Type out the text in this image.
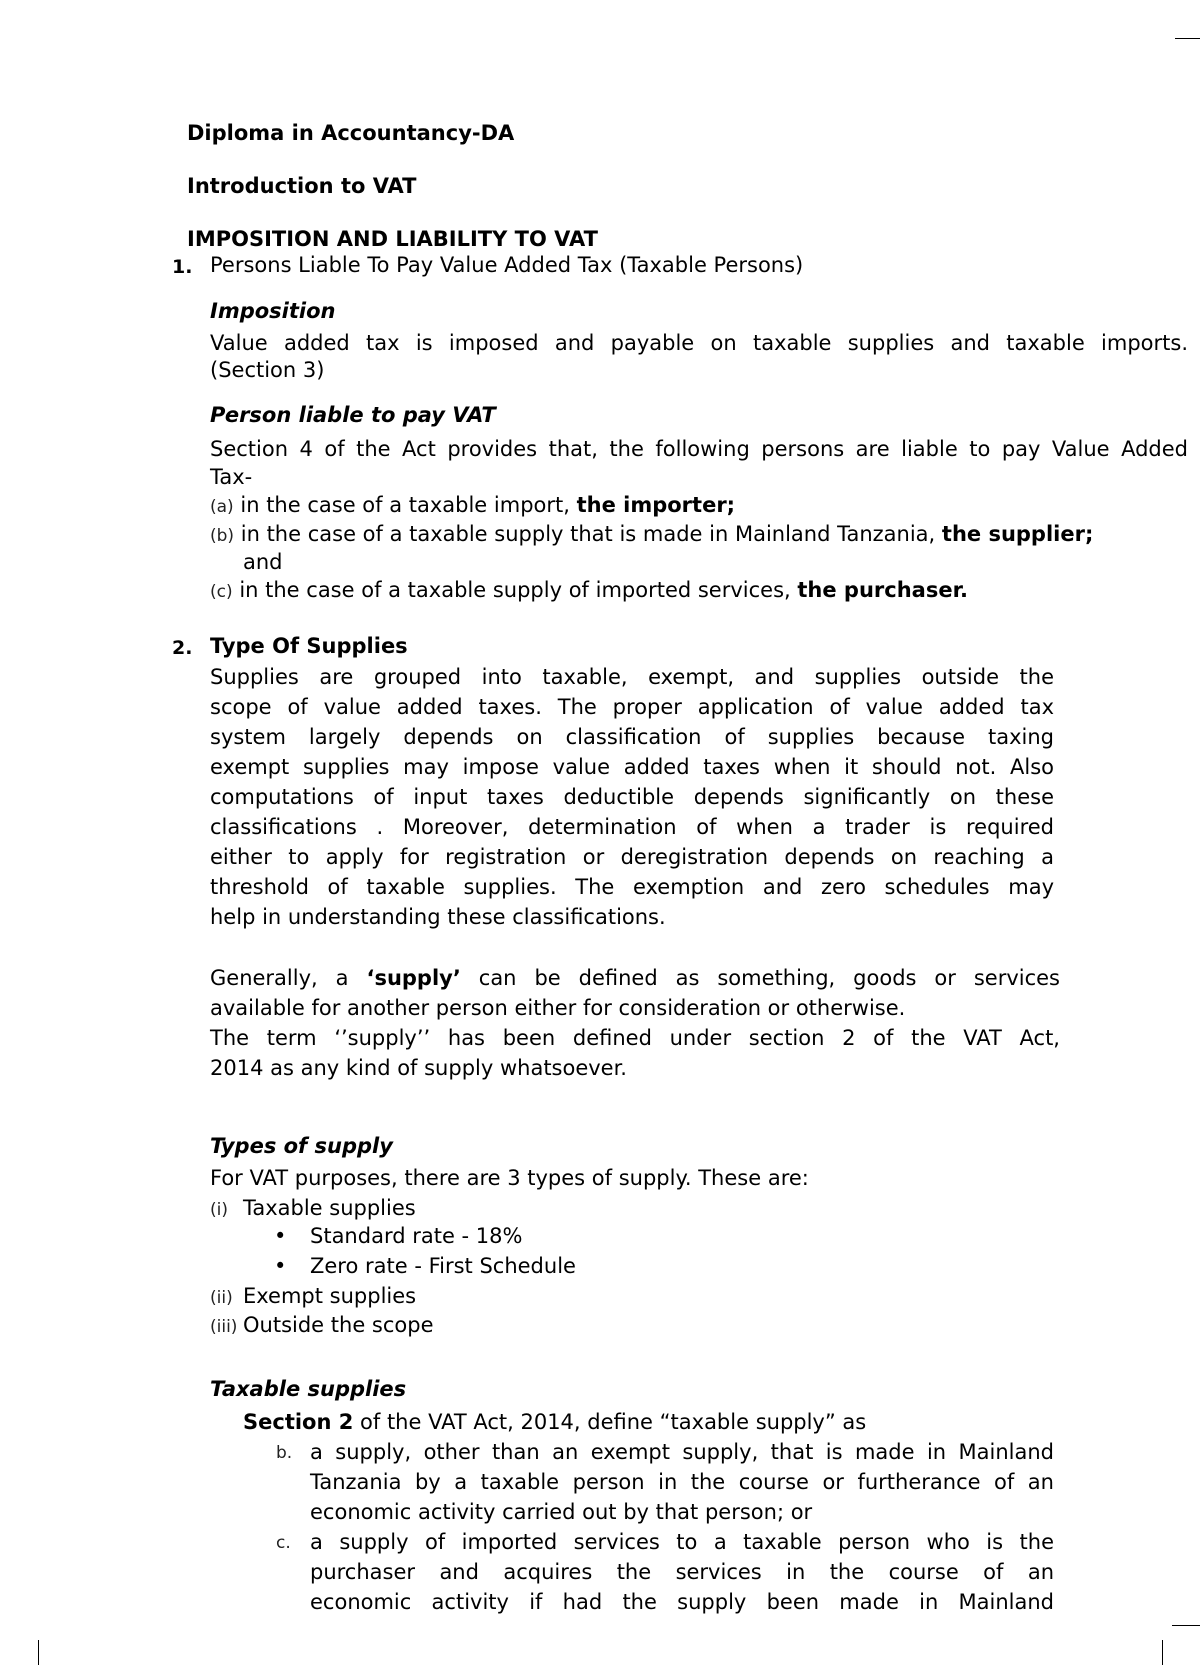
Diploma in Accountancy-DA
Introduction to VAT
IMPOSITION AND LIABILITY TO VAT
1. Persons Liable To Pay Value Added Tax (Taxable Persons)
Imposition
Value added tax is imposed and payable on taxable supplies and taxable imports.
(Section 3)
Person liable to pay VAT
Section 4 of the Act provides that, the following persons are liable to pay Value Added
Tax-
(a) in the case of a taxable import, the importer;
(b) in the case of a taxable supply that is made in Mainland Tanzania, the supplier;
and
(c) in the case of a taxable supply of imported services, the purchaser.
2. Type Of Supplies
Supplies are grouped into taxable, exempt, and supplies outside the
scope of value added taxes. The proper application of value added tax
system largely depends on classification of supplies because taxing
exempt supplies may impose value added taxes when it should not. Also
computations of input taxes deductible depends significantly on these
classifications . Moreover, determination of when a trader is required
either to apply for registration or deregistration depends on reaching a
threshold of taxable supplies. The exemption and zero schedules may
help in understanding these classifications.
Generally, a ‘supply’ can be defined as something, goods or services
available for another person either for consideration or otherwise.
The term ‘’supply’’ has been defined under section 2 of the VAT Act,
2014 as any kind of supply whatsoever.
Types of supply
For VAT purposes, there are 3 types of supply. These are:
(i) Taxable supplies
• Standard rate - 18%
• Zero rate - First Schedule
(ii) Exempt supplies
(iii) Outside the scope
Taxable supplies
Section 2 of the VAT Act, 2014, define “taxable supply” as
b. a supply, other than an exempt supply, that is made in Mainland
Tanzania by a taxable person in the course or furtherance of an
economic activity carried out by that person; or
c. a supply of imported services to a taxable person who is the
purchaser and acquires the services in the course of an
economic activity if had the supply been made in Mainland
